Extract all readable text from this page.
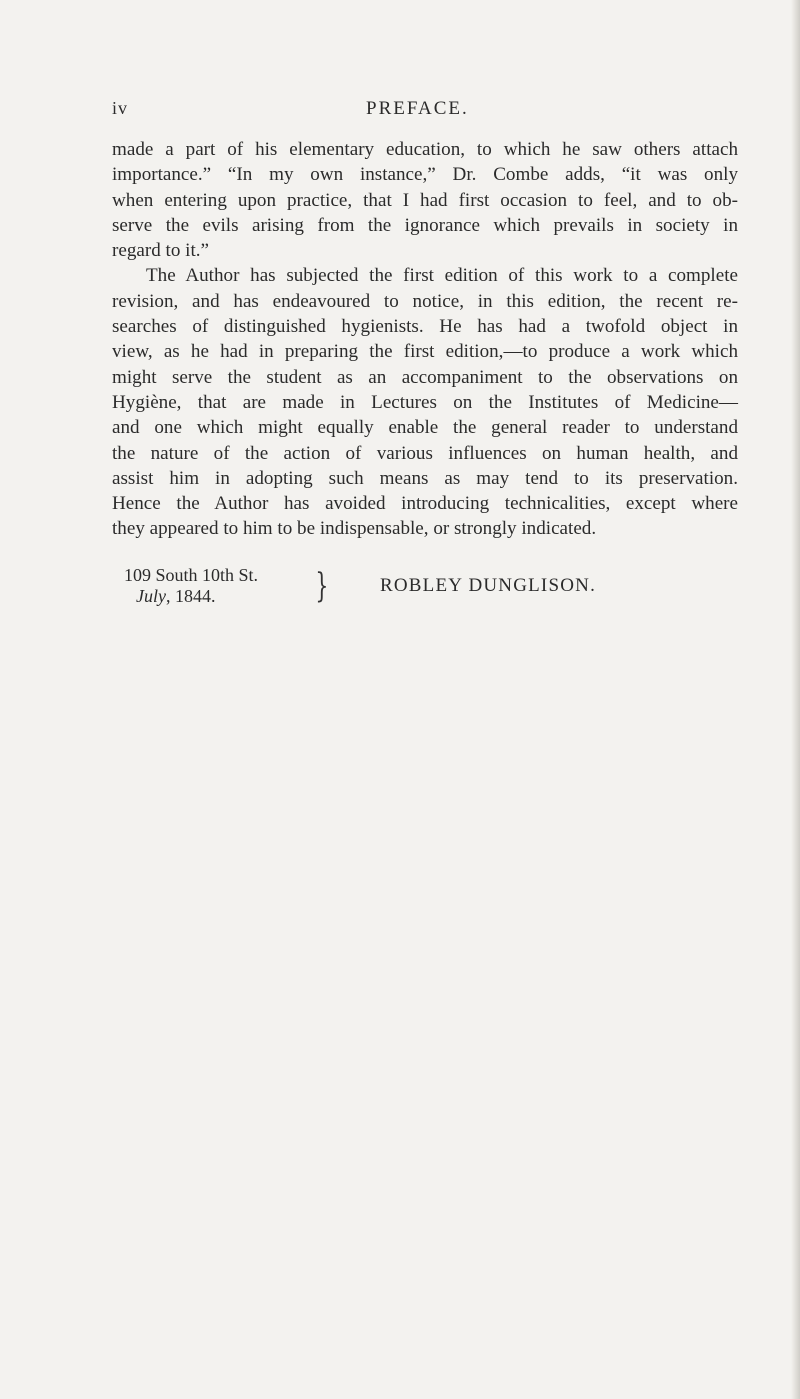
iv	PREFACE.
made a part of his elementary education, to which he saw others attach
importance.” “In my own instance,” Dr. Combe adds, “it was only
when entering upon practice, that I had first occasion to feel, and to ob-
serve the evils arising from the ignorance which prevails in society in
regard to it.”
The Author has subjected the first edition of this work to a complete
revision, and has endeavoured to notice, in this edition, the recent re-
searches of distinguished hygienists. He has had a twofold object in
view, as he had in preparing the first edition,—to produce a work which
might serve the student as an accompaniment to the observations on
Hygiène, that are made in Lectures on the Institutes of Medicine—
and one which might equally enable the general reader to understand
the nature of the action of various influences on human health, and
assist him in adopting such means as may tend to its preservation.
Hence the Author has avoided introducing technicalities, except where
they appeared to him to be indispensable, or strongly indicated.
109 South 10th St.
July, 1844.	}	ROBLEY DUNGLISON.
